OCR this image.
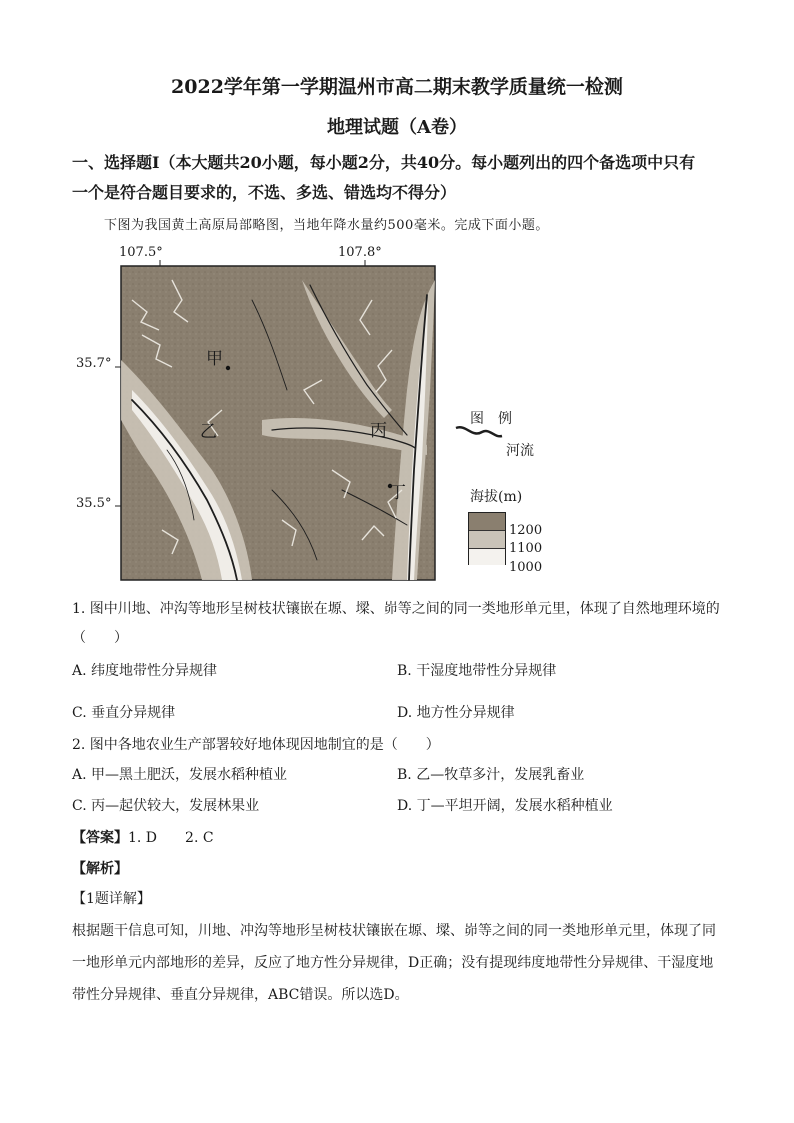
2022学年第一学期温州市高二期末教学质量统一检测
地理试题（A卷）
一、选择题Ⅰ（本大题共20小题，每小题2分，共40分。每小题列出的四个备选项中只有
一个是符合题目要求的，不选、多选、错选均不得分）
下图为我国黄土高原局部略图，当地年降水量约500毫米。完成下面小题。
107.5°	107.8°
35.7°
35.5°
甲
乙	丙
丁
图　例
河流
海拔(m)
1200
1100
1000
1. 图中川地、冲沟等地形呈树枝状镶嵌在塬、墚、峁等之间的同一类地形单元里，体现了自然地理环境的
（　　）
A. 纬度地带性分异规律	B. 干湿度地带性分异规律
C. 垂直分异规律	D. 地方性分异规律
2. 图中各地农业生产部署较好地体现因地制宜的是（　　）
A. 甲—黑土肥沃，发展水稻种植业	B. 乙—牧草多汁，发展乳畜业
C. 丙—起伏较大，发展林果业	D. 丁—平坦开阔，发展水稻种植业
【答案】1. D　　2. C
【解析】
【1题详解】
根据题干信息可知，川地、冲沟等地形呈树枝状镶嵌在塬、墚、峁等之间的同一类地形单元里，体现了同
一地形单元内部地形的差异，反应了地方性分异规律，D正确；没有提现纬度地带性分异规律、干湿度地
带性分异规律、垂直分异规律，ABC错误。所以选D。
